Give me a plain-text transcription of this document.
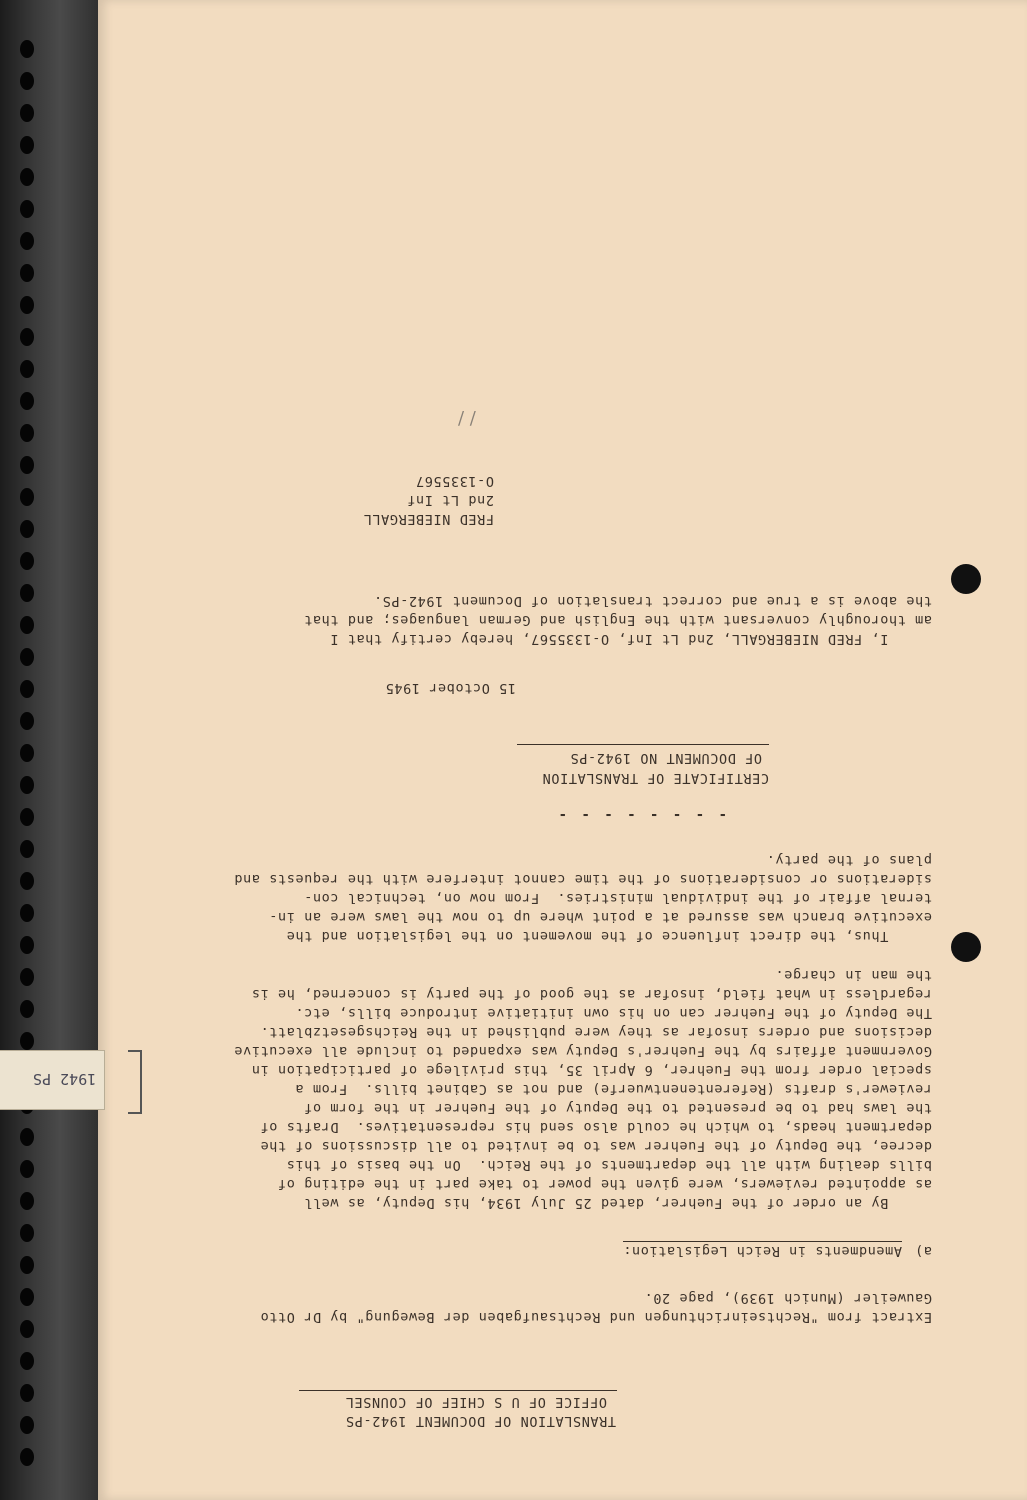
TRANSLATION OF DOCUMENT 1942-PS
OFFICE OF U S CHIEF OF COUNSEL
Extract from "Rechtseinrichtungen und Rechtsaufgaben der Bewegung" by Dr Otto
Gauweiler (Munich 1939), page 20.
a)
Amendments in Reich Legislation:
By an order of the Fuehrer, dated 25 July 1934, his Deputy, as well
as appointed reviewers, were given the power to take part in the editing of
bills dealing with all the departments of the Reich.  On the basis of this
decree, the Deputy of the Fuehrer was to be invited to all discussions of the
department heads, to which he could also send his representatives.  Drafts of
the laws had to be presented to the Deputy of the Fuehrer in the form of
reviewer's drafts (Referentenentwuerfe) and not as Cabinet bills.  From a
special order from the Fuehrer, 6 April 35, this privilege of participation in
Government affairs by the Fuehrer's Deputy was expanded to include all executive
decisions and orders insofar as they were published in the Reichsgesetzblatt.
The Deputy of the Fuehrer can on his own initiative introduce bills, etc.
regardless in what field, insofar as the good of the party is concerned, he is
the man in charge.
Thus, the direct influence of the movement on the legislation and the
executive branch was assured at a point where up to now the laws were an in-
ternal affair of the individual ministries.  From now on, technical con-
siderations or considerations of the time cannot interfere with the requests and
plans of the party.
- - - - - - - -
CERTIFICATE OF TRANSLATION
OF DOCUMENT NO 1942-PS
15 October 1945
I, FRED NIEBERGALL, 2nd Lt Inf, O-1335567, hereby certify that I
am thoroughly conversant with the English and German languages; and that
the above is a true and correct translation of Document 1942-PS.
FRED NIEBERGALL
2nd Lt Inf
O-1335567
/ /
1942 PS
